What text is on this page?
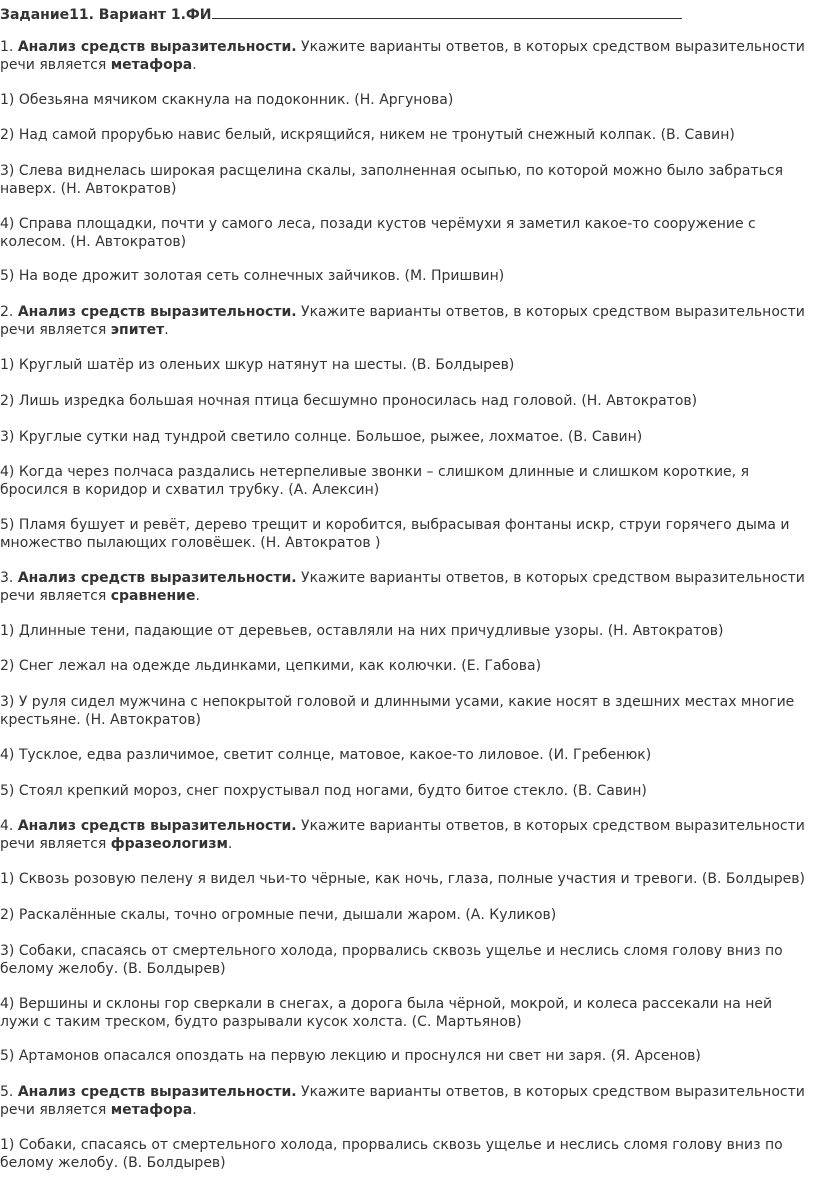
Задание11. Вариант 1.ФИ

1. Анализ средств выразительности. Укажите варианты ответов, в которых средством выразительности речи является метафора.

1) Обезьяна мячиком скакнула на подоконник. (Н. Аргунова)
2) Над самой прорубью навис белый, искрящийся, никем не тронутый снежный колпак. (В. Савин)
3) Слева виднелась широкая расщелина скалы, заполненная осыпью, по которой можно было забраться наверх. (Н. Автократов)
4) Справа площадки, почти у самого леса, позади кустов черёмухи я заметил какое-то сооружение с колесом. (Н. Автократов)
5) На воде дрожит золотая сеть солнечных зайчиков. (М. Пришвин)

2. Анализ средств выразительности. Укажите варианты ответов, в которых средством выразительности речи является эпитет.

1) Круглый шатёр из оленьих шкур натянут на шесты. (В. Болдырев)
2) Лишь изредка большая ночная птица бесшумно проносилась над головой. (Н. Автократов)
3) Круглые сутки над тундрой светило солнце. Большое, рыжее, лохматое. (В. Савин)
4) Когда через полчаса раздались нетерпеливые звонки – слишком длинные и слишком короткие, я бросился в коридор и схватил трубку. (А. Алексин)
5) Пламя бушует и ревёт, дерево трещит и коробится, выбрасывая фонтаны искр, струи горячего дыма и множество пылающих головёшек. (Н. Автократов )

3. Анализ средств выразительности. Укажите варианты ответов, в которых средством выразительности речи является сравнение.

1) Длинные тени, падающие от деревьев, оставляли на них причудливые узоры. (Н. Автократов)
2) Снег лежал на одежде льдинками, цепкими, как колючки. (Е. Габова)
3) У руля сидел мужчина с непокрытой головой и длинными усами, какие носят в здешних местах многие крестьяне. (Н. Автократов)
4) Тусклое, едва различимое, светит солнце, матовое, какое-то лиловое. (И. Гребенюк)
5) Стоял крепкий мороз, снег похрустывал под ногами, будто битое стекло. (В. Савин)

4. Анализ средств выразительности. Укажите варианты ответов, в которых средством выразительности речи является фразеологизм.

1) Сквозь розовую пелену я видел чьи-то чёрные, как ночь, глаза, полные участия и тревоги. (В. Болдырев)
2) Раскалённые скалы, точно огромные печи, дышали жаром. (А. Куликов)
3) Собаки, спасаясь от смертельного холода, прорвались сквозь ущелье и неслись сломя голову вниз по белому желобу. (В. Болдырев)
4) Вершины и склоны гор сверкали в снегах, а дорога была чёрной, мокрой, и колеса рассекали на ней лужи с таким треском, будто разрывали кусок холста. (С. Мартьянов)
5) Артамонов опасался опоздать на первую лекцию и проснулся ни свет ни заря. (Я. Арсенов)

5. Анализ средств выразительности. Укажите варианты ответов, в которых средством выразительности речи является метафора.

1) Собаки, спасаясь от смертельного холода, прорвались сквозь ущелье и неслись сломя голову вниз по белому желобу. (В. Болдырев)
